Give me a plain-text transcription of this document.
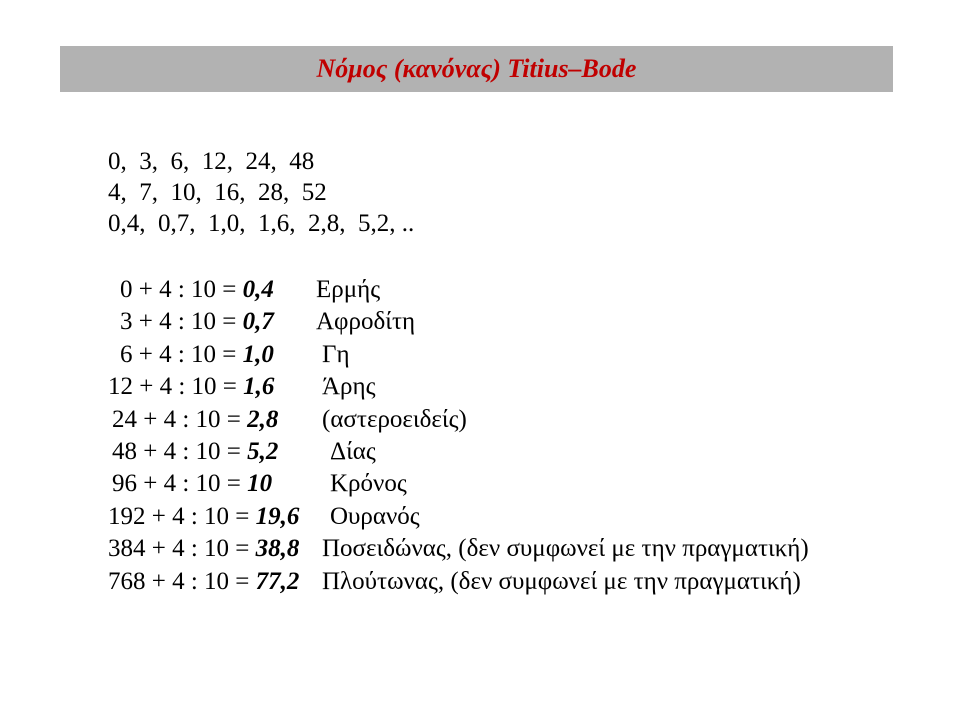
Νόμος (κανόνας) Titius–Bode
0,  3,  6,  12,  24,  48
4,  7,  10,  16,  28,  52
0,4,  0,7,  1,0,  1,6,  2,8,  5,2, ..
0 + 4 : 10 = 0,4 Ερμής
3 + 4 : 10 = 0,7 Αφροδίτη
6 + 4 : 10 = 1,0 Γη
12 + 4 : 10 = 1,6 Άρης
24 + 4 : 10 = 2,8 (αστεροειδείς)
48 + 4 : 10 = 5,2 Δίας
96 + 4 : 10 = 10 Κρόνος
192 + 4 : 10 = 19,6 Ουρανός
384 + 4 : 10 = 38,8 Ποσειδώνας, (δεν συμφωνεί με την πραγματική)
768 + 4 : 10 = 77,2 Πλούτωνας, (δεν συμφωνεί με την πραγματική)
